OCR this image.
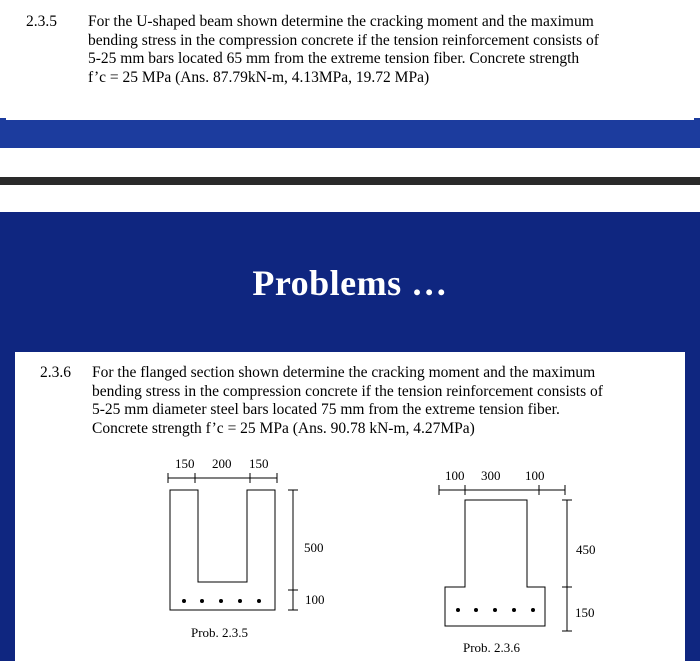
2.3.5 For the U-shaped beam shown determine the cracking moment and the maximum
bending stress in the compression concrete if the tension reinforcement consists of
5-25 mm bars located 65 mm from the extreme tension fiber. Concrete strength
f’c = 25 MPa (Ans. 87.79kN-m, 4.13MPa, 19.72 MPa)
Problems …
2.3.6 For the flanged section shown determine the cracking moment and the maximum
bending stress in the compression concrete if the tension reinforcement consists of
5-25 mm diameter steel bars located 75 mm from the extreme tension fiber.
Concrete strength f’c = 25 MPa (Ans. 90.78 kN-m, 4.27MPa)
150 200 150
500
100
Prob. 2.3.5
100 300 100
450
150
Prob. 2.3.6
